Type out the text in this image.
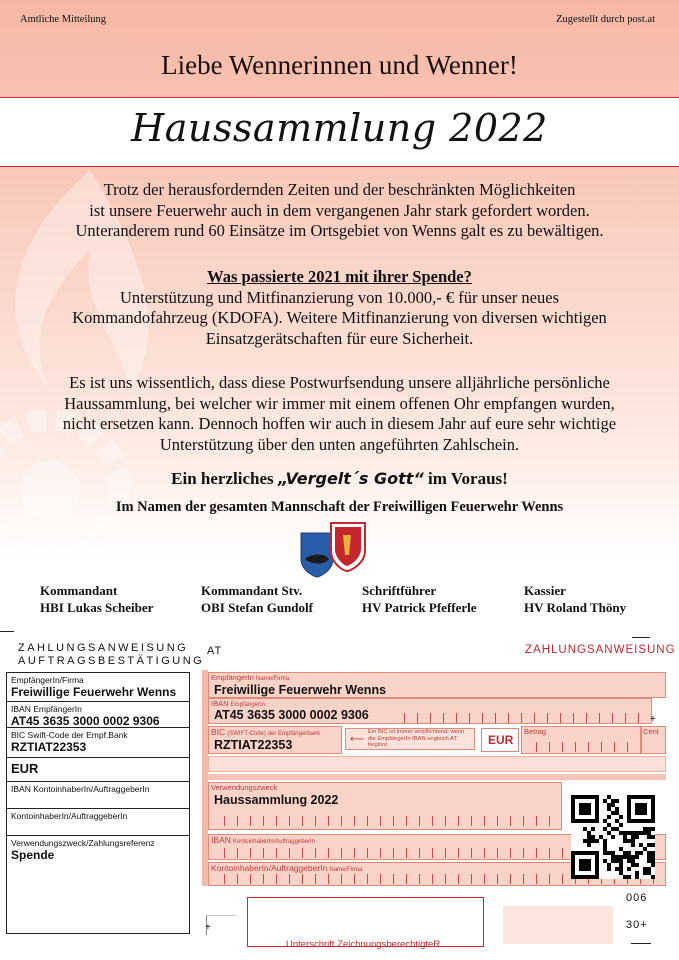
Amtliche Mitteilung	Zugestellt durch post.at
Liebe Wennerinnen und Wenner!
Haussammlung 2022
Trotz der herausfordernden Zeiten und der beschränkten Möglichkeiten
ist unsere Feuerwehr auch in dem vergangenen Jahr stark gefordert worden.
Unteranderem rund 60 Einsätze im Ortsgebiet von Wenns galt es zu bewältigen.
Was passierte 2021 mit ihrer Spende?
Unterstützung und Mitfinanzierung von 10.000,- € für unser neues
Kommandofahrzeug (KDOFA). Weitere Mitfinanzierung von diversen wichtigen
Einsatzgerätschaften für eure Sicherheit.
Es ist uns wissentlich, dass diese Postwurfsendung unsere alljährliche persönliche
Haussammlung, bei welcher wir immer mit einem offenen Ohr empfangen wurden,
nicht ersetzen kann. Dennoch hoffen wir auch in diesem Jahr auf eure sehr wichtige
Unterstützung über den unten angeführten Zahlschein.
Ein herzliches „Vergelt´s Gott“ im Voraus!
Im Namen der gesamten Mannschaft der Freiwilligen Feuerwehr Wenns
Kommandant
HBI Lukas Scheiber
Kommandant Stv.
OBI Stefan Gundolf
Schriftführer
HV Patrick Pfefferle
Kassier
HV Roland Thöny
ZAHLUNGSANWEISUNG
AUFTRAGSBESTÄTIGUNG
EmpfängerIn/Firma
Freiwillige Feuerwehr Wenns
IBAN EmpfängerIn
AT45 3635 3000 0002 9306
BIC Swift-Code der Empf.Bank
RZTIAT22353
EUR
IBAN KontoinhaberIn/AuftraggeberIn
KontoinhaberIn/AuftraggeberIn
Verwendungszweck/Zahlungsreferenz
Spende
AT	ZAHLUNGSANWEISUNG
EmpfängerIn Name/Firma
Freiwillige Feuerwehr Wenns
IBAN EmpfängerIn
AT45 3635 3000 0002 9306	+
BIC (SWIFT-Code) der Empfängerbank
RZTIAT22353
Ein BIC ist immer verpflichtend, wenn die EmpfängerIn IBAN ungleich AT beginnt.
⟵	EUR
Betrag	Cent
Verwendungszweck
Haussammlung 2022
IBAN KontoinhaberIn/AuftraggeberIn
KontoinhaberIn/AuftraggeberIn Name/Firma
Unterschrift ZeichnungsberechtigteR
+
006
30+
